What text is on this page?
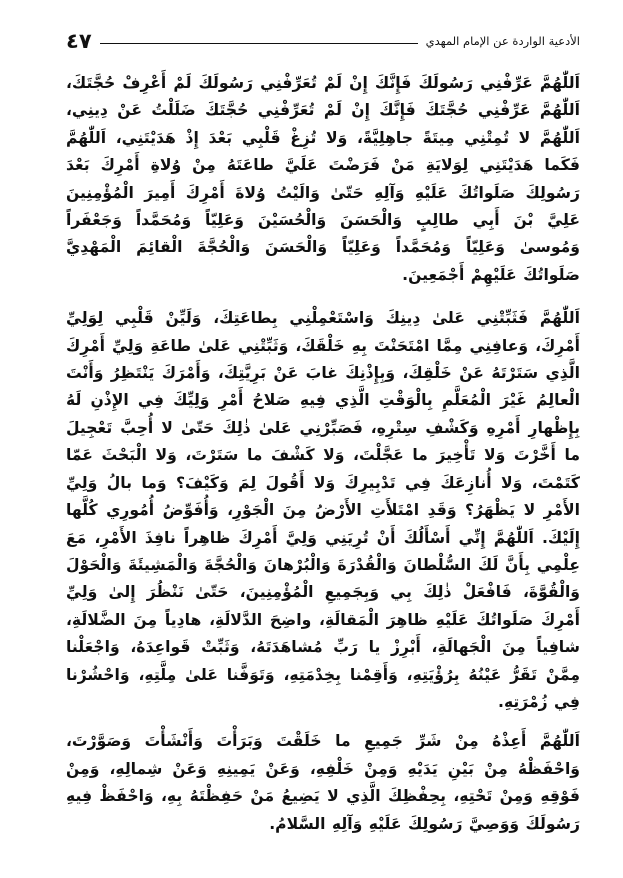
٤٧	الأدعية الواردة عن الإمام المهدي

اَللّٰهُمَّ عَرِّفْنِي رَسُولَكَ فَإِنَّكَ إِنْ لَمْ تُعَرِّفْنِي رَسُولَكَ لَمْ أَعْرِفْ حُجَّتَكَ، اَللّٰهُمَّ عَرِّفْنِي حُجَّتَكَ فَإِنَّكَ إِنْ لَمْ تُعَرِّفْنِي حُجَّتَكَ ضَلَلْتُ عَنْ دِينِي، اَللّٰهُمَّ لا تُمِتْنِي مِيتَةً جاهِلِيَّةً، وَلا تُزِغْ قَلْبِي بَعْدَ إِذْ هَدَيْتَنِي، اَللّٰهُمَّ فَكَما هَدَيْتَنِي لِوَلايَةِ مَنْ فَرَضْتَ عَلَيَّ طاعَتَهُ مِنْ وُلاةِ أَمْرِكَ بَعْدَ رَسُولِكَ صَلَواتُكَ عَلَيْهِ وَآلِهِ حَتّىٰ وَالَيْتُ وُلاةَ أَمْرِكَ أَمِيرَ الْمُؤْمِنِينَ عَلِيَّ بْنَ أَبِي طالِبٍ وَالْحَسَنَ وَالْحُسَيْنَ وَعَلِيّاً وَمُحَمَّداً وَجَعْفَراً وَمُوسىٰ وَعَلِيّاً وَمُحَمَّداً وَعَلِيّاً وَالْحَسَنَ وَالْحُجَّةَ الْقائِمَ الْمَهْدِيَّ صَلَواتُكَ عَلَيْهِمْ أَجْمَعِينَ.

اَللّٰهُمَّ فَثَبِّتْنِي عَلىٰ دِينِكَ وَاسْتَعْمِلْنِي بِطاعَتِكَ، وَلَيِّنْ قَلْبِي لِوَلِيِّ أَمْرِكَ، وَعافِنِي مِمَّا امْتَحَنْتَ بِهِ خَلْقَكَ، وَثَبِّتْنِي عَلىٰ طاعَةِ وَلِيِّ أَمْرِكَ الَّذِي سَتَرْتَهُ عَنْ خَلْقِكَ، وَبِإِذْنِكَ غابَ عَنْ بَرِيَّتِكَ، وَأَمْرَكَ يَنْتَظِرُ وَأَنْتَ الْعالِمُ غَيْرَ الْمُعَلَّمِ بِالْوَقْتِ الَّذِي فِيهِ صَلاحُ أَمْرِ وَلِيِّكَ فِي الإِذْنِ لَهُ بِإِظْهارِ أَمْرِهِ وَكَشْفِ سِتْرِهِ، فَصَبِّرْنِي عَلىٰ ذٰلِكَ حَتّىٰ لا أُحِبَّ تَعْجِيلَ ما أَخَّرْتَ وَلا تَأْخِيرَ ما عَجَّلْتَ، وَلا كَشْفَ ما سَتَرْتَ، وَلا الْبَحْثَ عَمّا كَتَمْتَ، وَلا أُنازِعَكَ فِي تَدْبِيرِكَ وَلا أَقُولَ لِمَ وَكَيْفَ؟ وَما بالُ وَلِيِّ الأَمْرِ لا يَظْهَرُ؟ وَقَدِ امْتَلأَتِ الأَرْضُ مِنَ الْجَوْرِ، وَأُفَوِّضُ أُمُورِي كُلَّها إِلَيْكَ. اَللّٰهُمَّ إِنِّي أَسْأَلُكَ أَنْ تُرِيَنِي وَلِيَّ أَمْرِكَ ظاهِراً نافِذَ الأَمْرِ، مَعَ عِلْمِي بِأَنَّ لَكَ السُّلْطانَ وَالْقُدْرَةَ وَالْبُرْهانَ وَالْحُجَّةَ وَالْمَشِيئَةَ وَالْحَوْلَ وَالْقُوَّةَ، فَافْعَلْ ذٰلِكَ بِي وَبِجَمِيعِ الْمُؤْمِنِينَ، حَتّىٰ نَنْظُرَ إِلىٰ وَلِيِّ أَمْرِكَ صَلَواتُكَ عَلَيْهِ ظاهِرَ الْمَقالَةِ، واضِحَ الدَّلالَةِ، هادِياً مِنَ الضَّلالَةِ، شافِياً مِنَ الْجَهالَةِ، أَبْرِزْ يا رَبِّ مُشاهَدَتَهُ، وَثَبِّتْ قَواعِدَهُ، وَاجْعَلْنا مِمَّنْ تَقَرُّ عَيْنُهُ بِرُؤْيَتِهِ، وَأَقِمْنا بِخِدْمَتِهِ، وَتَوَفَّنا عَلىٰ مِلَّتِهِ، وَاحْشُرْنا فِي زُمْرَتِهِ.

اَللّٰهُمَّ أَعِذْهُ مِنْ شَرِّ جَمِيعِ ما خَلَقْتَ وَبَرَأْتَ وَأَنْشَأْتَ وَصَوَّرْتَ، وَاحْفَظْهُ مِنْ بَيْنِ يَدَيْهِ وَمِنْ خَلْفِهِ، وَعَنْ يَمِينِهِ وَعَنْ شِمالِهِ، وَمِنْ فَوْقِهِ وَمِنْ تَحْتِهِ، بِحِفْظِكَ الَّذِي لا يَضِيعُ مَنْ حَفِظْتَهُ بِهِ، وَاحْفَظْ فِيهِ رَسُولَكَ وَوَصِيَّ رَسُولِكَ عَلَيْهِ وَآلِهِ السَّلامُ.
